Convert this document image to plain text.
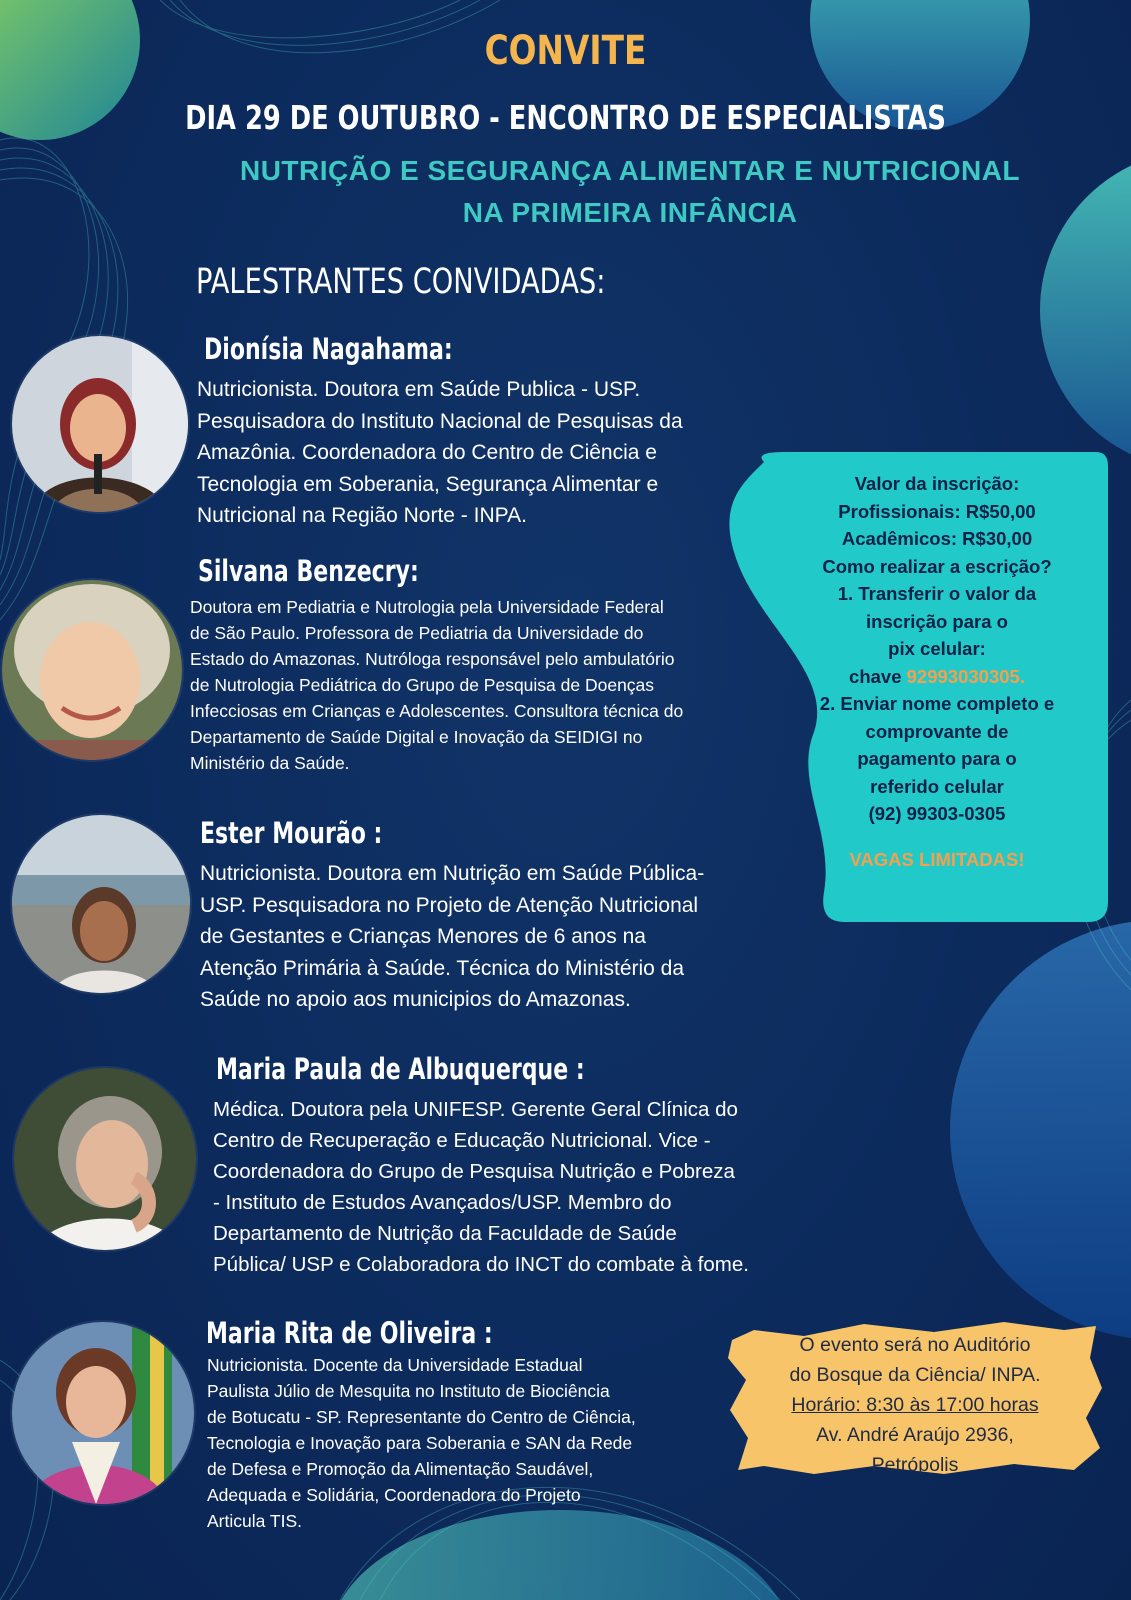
CONVITE
DIA 29 DE OUTUBRO - ENCONTRO DE ESPECIALISTAS
NUTRIÇÃO E SEGURANÇA ALIMENTAR E NUTRICIONAL
NA PRIMEIRA INFÂNCIA
PALESTRANTES CONVIDADAS:
Dionísia Nagahama:
Nutricionista. Doutora em Saúde Publica - USP.
Pesquisadora do Instituto Nacional de Pesquisas da
Amazônia. Coordenadora do Centro de Ciência e
Tecnologia em Soberania, Segurança Alimentar e
Nutricional na Região Norte - INPA.
Silvana Benzecry:
Doutora em Pediatria e Nutrologia pela Universidade Federal
de São Paulo. Professora de Pediatria da Universidade do
Estado do Amazonas. Nutróloga responsável pelo ambulatório
de Nutrologia Pediátrica do Grupo de Pesquisa de Doenças
Infecciosas em Crianças e Adolescentes. Consultora técnica do
Departamento de Saúde Digital e Inovação da SEIDIGI no
Ministério da Saúde.
Ester Mourão :
Nutricionista. Doutora em Nutrição em Saúde Pública-
USP. Pesquisadora no Projeto de Atenção Nutricional
de Gestantes e Crianças Menores de 6 anos na
Atenção Primária à Saúde. Técnica do Ministério da
Saúde no apoio aos municipios do Amazonas.
Maria Paula de Albuquerque :
Médica. Doutora pela UNIFESP. Gerente Geral Clínica do
Centro de Recuperação e Educação Nutricional. Vice -
Coordenadora do Grupo de Pesquisa Nutrição e Pobreza
- Instituto de Estudos Avançados/USP. Membro do
Departamento de Nutrição da Faculdade de Saúde
Pública/ USP e Colaboradora do INCT do combate à fome.
Maria Rita de Oliveira :
Nutricionista. Docente da Universidade Estadual
Paulista Júlio de Mesquita no Instituto de Biociência
de Botucatu - SP. Representante do Centro de Ciência,
Tecnologia e Inovação para Soberania e SAN da Rede
de Defesa e Promoção da Alimentação Saudável,
Adequada e Solidária, Coordenadora do Projeto
Articula TIS.
Valor da inscrição:
Profissionais: R$50,00
Acadêmicos: R$30,00
Como realizar a escrição?
1. Transferir o valor da
inscrição para o
pix celular:
chave 92993030305.
2. Enviar nome completo e
comprovante de
pagamento para o
referido celular
(92) 99303-0305
VAGAS LIMITADAS!
O evento será no Auditório
do Bosque da Ciência/ INPA.
Horário: 8:30 às 17:00 horas
Av. André Araújo 2936,
Petrópolis
